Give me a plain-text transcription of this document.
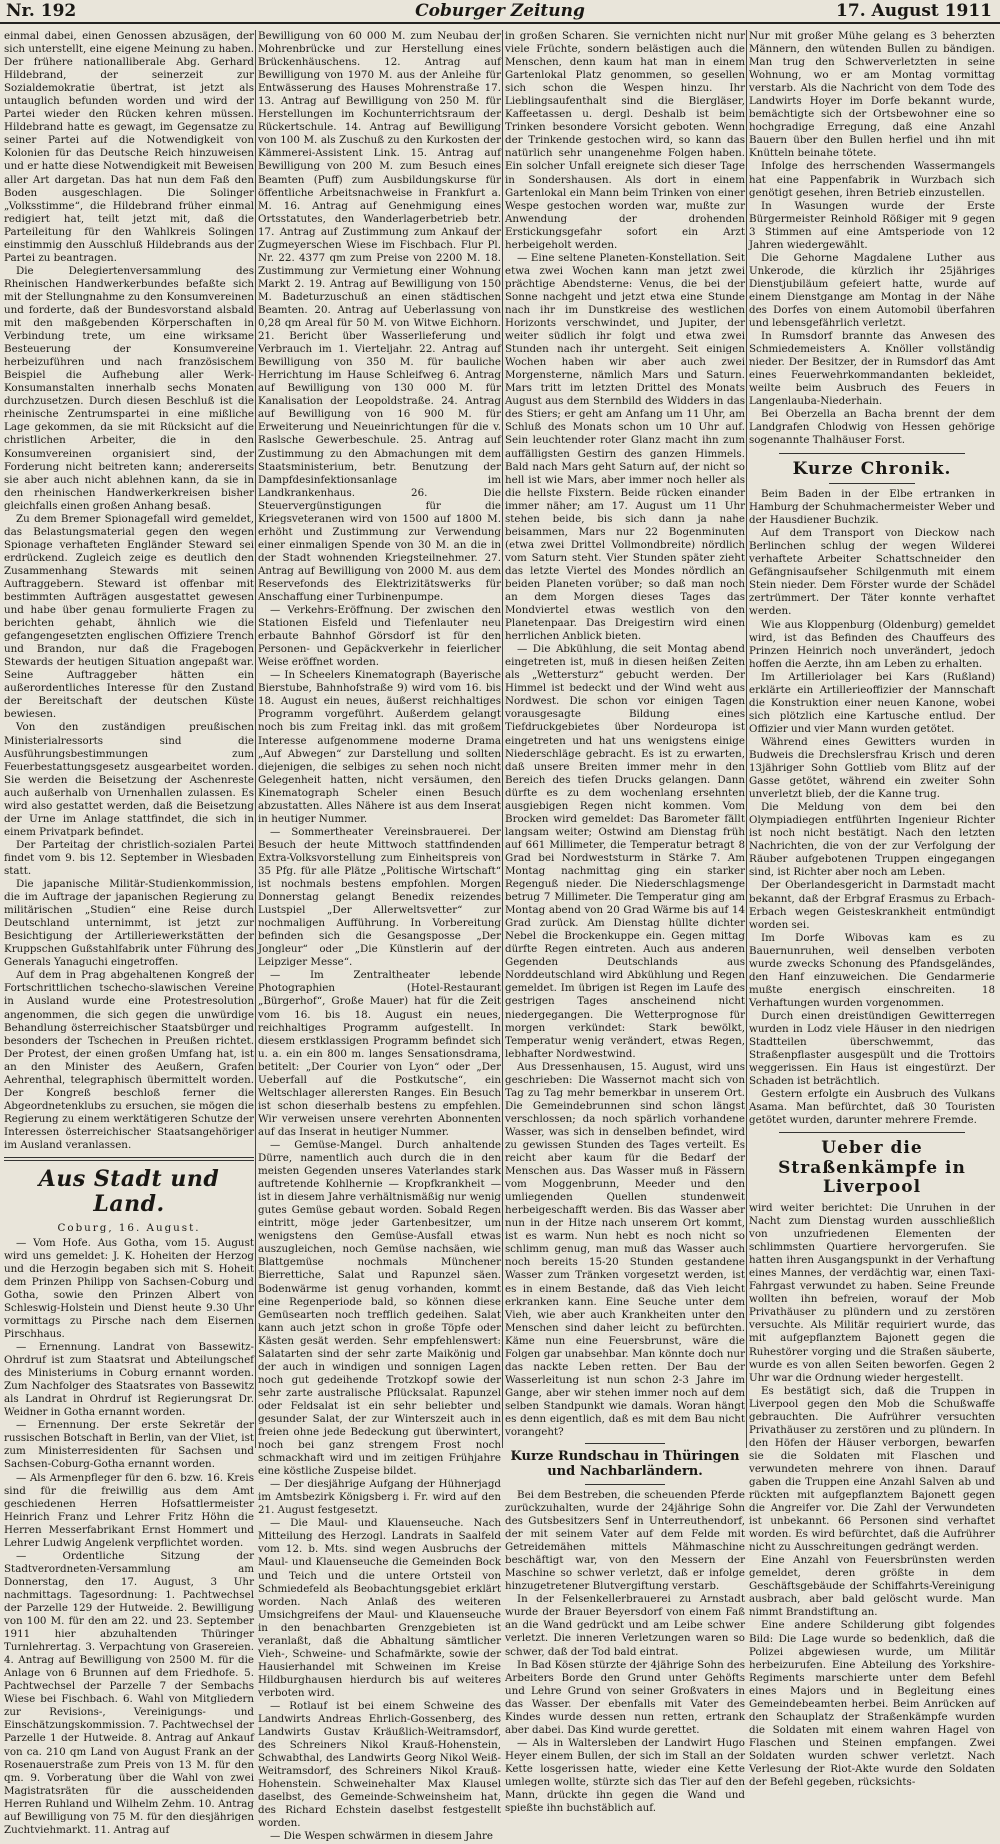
Nr. 192	Coburger Zeitung	17. August 1911

einmal dabei, einen Genossen abzusägen, der sich unterstellt, eine eigene Meinung zu haben. Der frühere nationalliberale Abg. Gerhard Hildebrand, der seinerzeit zur Sozialdemokratie übertrat, ist jetzt als untauglich befunden worden und wird der Partei wieder den Rücken kehren müssen. Hildebrand hatte es gewagt, im Gegensatze zu seiner Partei auf die Notwendigkeit von Kolonien für das Deutsche Reich hinzuweisen und er hatte diese Notwendigkeit mit Beweisen aller Art dargetan. Das hat nun dem Faß den Boden ausgeschlagen. Die Solinger „Volksstimme“, die Hildebrand früher einmal redigiert hat, teilt jetzt mit, daß die Parteileitung für den Wahlkreis Solingen einstimmig den Ausschluß Hildebrands aus der Partei zu beantragen.

Die Delegiertenversammlung des Rheinischen Handwerkerbundes befaßte sich mit der Stellungnahme zu den Konsumvereinen und forderte, daß der Bundesvorstand alsbald mit den maßgebenden Körperschaften in Verbindung trete, um eine wirksame Besteuerung der Konsumvereine herbeizuführen und nach französischem Beispiel die Aufhebung aller Werk-Konsumanstalten innerhalb sechs Monaten durchzusetzen. Durch diesen Beschluß ist die rheinische Zentrumspartei in eine mißliche Lage gekommen, da sie mit Rücksicht auf die christlichen Arbeiter, die in den Konsumvereinen organisiert sind, der Forderung nicht beitreten kann; andererseits sie aber auch nicht ablehnen kann, da sie in den rheinischen Handwerkerkreisen bisher gleichfalls einen großen Anhang besaß.

Zu dem Bremer Spionagefall wird gemeldet, das Belastungsmaterial gegen den wegen Spionage verhafteten Engländer Steward sei erdrückend. Zugleich zeige es deutlich den Zusammenhang Stewards mit seinen Auftraggebern. Steward ist offenbar mit bestimmten Aufträgen ausgestattet gewesen und habe über genau formulierte Fragen zu berichten gehabt, ähnlich wie die gefangengesetzten englischen Offiziere Trench und Brandon, nur daß die Fragebogen Stewards der heutigen Situation angepaßt war. Seine Auftraggeber hätten ein außerordentliches Interesse für den Zustand der Bereitschaft der deutschen Küste bewiesen.

Von den zuständigen preußischen Ministerialressorts sind die Ausführungsbestimmungen zum Feuerbestattungsgesetz ausgearbeitet worden. Sie werden die Beisetzung der Aschenreste auch außerhalb von Urnenhallen zulassen. Es wird also gestattet werden, daß die Beisetzung der Urne im Anlage stattfindet, die sich in einem Privatpark befindet.

Der Parteitag der christlich-sozialen Partei findet vom 9. bis 12. September in Wiesbaden statt.

Die japanische Militär-Studienkommission, die im Auftrage der japanischen Regierung zu militärischen „Studien“ eine Reise durch Deutschland unternimmt, ist jetzt zur Besichtigung der Artilleriewerkstätten der Kruppschen Gußstahlfabrik unter Führung des Generals Yanaguchi eingetroffen.

Auf dem in Prag abgehaltenen Kongreß der Fortschrittlichen tschecho-slawischen Vereine in Ausland wurde eine Protestresolution angenommen, die sich gegen die unwürdige Behandlung österreichischer Staatsbürger und besonders der Tschechen in Preußen richtet. Der Protest, der einen großen Umfang hat, ist an den Minister des Aeußern, Grafen Aehrenthal, telegraphisch übermittelt worden. Der Kongreß beschloß ferner die Abgeordnetenklubs zu ersuchen, sie mögen die Regierung zu einem werktätigeren Schutze der Interessen österreichischer Staatsangehöriger im Ausland veranlassen.

Aus Stadt und Land.
Coburg, 16. August.

— Vom Hofe. Aus Gotha, vom 15. August wird uns gemeldet: J. K. Hoheiten der Herzog und die Herzogin begaben sich mit S. Hoheit dem Prinzen Philipp von Sachsen-Coburg und Gotha, sowie den Prinzen Albert von Schleswig-Holstein und Dienst heute 9.30 Uhr vormittags zu Pirsche nach dem Eisernen Pirschhaus.

— Ernennung. Landrat von Bassewitz-Ohrdruf ist zum Staatsrat und Abteilungschef des Ministeriums in Coburg ernannt worden. Zum Nachfolger des Staatsrates von Bassewitz als Landrat in Ohrdruf ist Regierungsrat Dr. Weidner in Gotha ernannt worden.

— Ernennung. Der erste Sekretär der russischen Botschaft in Berlin, van der Vliet, ist zum Ministerresidenten für Sachsen und Sachsen-Coburg-Gotha ernannt worden.

— Als Armenpfleger für den 6. bzw. 16. Kreis sind für die freiwillig aus dem Amt geschiedenen Herren Hofsattlermeister Heinrich Franz und Lehrer Fritz Höhn die Herren Messerfabrikant Ernst Hommert und Lehrer Ludwig Angelenk verpflichtet worden.

— Ordentliche Sitzung der Stadtverordneten-Versammlung am Donnerstag, den 17. August, 3 Uhr nachmittags. Tagesordnung: 1. Pachtwechsel der Parzelle 129 der Hutweide. 2. Bewilligung von 100 M. für den am 22. und 23. September 1911 hier abzuhaltenden Thüringer Turnlehrertag. 3. Verpachtung von Grasereien. 4. Antrag auf Bewilligung von 2500 M. für die Anlage von 6 Brunnen auf dem Friedhofe. 5. Pachtwechsel der Parzelle 7 der Sembachs Wiese bei Fischbach. 6. Wahl von Mitgliedern zur Revisions-, Vereinigungs- und Einschätzungskommission. 7. Pachtwechsel der Parzelle 1 der Hutweide. 8. Antrag auf Ankauf von ca. 210 qm Land von August Frank an der Rosenauerstraße zum Preis von 13 M. für den qm. 9. Vorberatung über die Wahl von zwei Magistratsräten für die ausscheidenden Herren Ruhland und Wilhelm Zehm. 10. Antrag auf Bewilligung von 75 M. für den diesjährigen Zuchtviehmarkt. 11. Antrag auf

Bewilligung von 60 000 M. zum Neubau der Mohrenbrücke und zur Herstellung eines Brückenhäuschens. 12. Antrag auf Bewilligung von 1970 M. aus der Anleihe für Entwässerung des Hauses Mohrenstraße 17. 13. Antrag auf Bewilligung von 250 M. für Herstellungen im Kochunterrichtsraum der Rückertschule. 14. Antrag auf Bewilligung von 100 M. als Zuschuß zu den Kurkosten der Kämmerei-Assistent Link. 15. Antrag auf Bewilligung von 200 M. zum Besuch eines Beamten (Puff) zum Ausbildungskurse für öffentliche Arbeitsnachweise in Frankfurt a. M. 16. Antrag auf Genehmigung eines Ortsstatutes, den Wanderlagerbetrieb betr. 17. Antrag auf Zustimmung zum Ankauf der Zugmeyerschen Wiese im Fischbach. Flur Pl. Nr. 22. 4377 qm zum Preise von 2200 M. 18. Zustimmung zur Vermietung einer Wohnung Markt 2. 19. Antrag auf Bewilligung von 150 M. Badeturzuschuß an einen städtischen Beamten. 20. Antrag auf Ueberlassung von 0,28 qm Areal für 50 M. von Witwe Eichhorn. 21. Bericht über Wasserlieferung und Verbrauch im 1. Vierteljahr. 22. Antrag auf Bewilligung von 350 M. für bauliche Herrichtung im Hause Schleifweg 6. Antrag auf Bewilligung von 130 000 M. für Kanalisation der Leopoldstraße. 24. Antrag auf Bewilligung von 16 900 M. für Erweiterung und Neueinrichtungen für die v. Raslsche Gewerbeschule. 25. Antrag auf Zustimmung zu den Abmachungen mit dem Staatsministerium, betr. Benutzung der Dampfdesinfektionsanlage im Landkrankenhaus. 26. Die Steuervergünstigungen für die Kriegsveteranen wird von 1500 auf 1800 M. erhöht und Zustimmung zur Verwendung einer einmaligen Spende von 30 M. an die in der Stadt wohnenden Kriegsteilnehmer. 27. Antrag auf Bewilligung von 2000 M. aus dem Reservefonds des Elektrizitätswerks für Anschaffung einer Turbinenpumpe.

— Verkehrs-Eröffnung. Der zwischen den Stationen Eisfeld und Tiefenlauter neu erbaute Bahnhof Görsdorf ist für den Personen- und Gepäckverkehr in feierlicher Weise eröffnet worden.

— In Scheelers Kinematograph (Bayerische Bierstube, Bahnhofstraße 9) wird vom 16. bis 18. August ein neues, äußerst reichhaltiges Programm vorgeführt. Außerdem gelangt noch bis zum Freitag inkl. das mit großem Interesse aufgenommene moderne Drama „Auf Abwegen“ zur Darstellung und sollten diejenigen, die selbiges zu sehen noch nicht Gelegenheit hatten, nicht versäumen, den Kinematograph Scheler einen Besuch abzustatten. Alles Nähere ist aus dem Inserat in heutiger Nummer.

— Sommertheater Vereinsbrauerei. Der Besuch der heute Mittwoch stattfindenden Extra-Volksvorstellung zum Einheitspreis von 35 Pfg. für alle Plätze „Politische Wirtschaft“ ist nochmals bestens empfohlen. Morgen Donnerstag gelangt Benedix reizendes Lustspiel „Der Allerweltsvetter“ zur nochmaligen Aufführung. In Vorbereitung befinden sich die Gesangsposse „Der Jongleur“ oder „Die Künstlerin auf der Leipziger Messe“.

— Im Zentraltheater lebende Photographien (Hotel-Restaurant „Bürgerhof“, Große Mauer) hat für die Zeit vom 16. bis 18. August ein neues, reichhaltiges Programm aufgestellt. In diesem erstklassigen Programm befindet sich u. a. ein ein 800 m. langes Sensationsdrama, betitelt: „Der Courier von Lyon“ oder „Der Ueberfall auf die Postkutsche“, ein Weltschlager allerersten Ranges. Ein Besuch ist schon dieserhalb bestens zu empfehlen. Wir verweisen unsere verehrten Abonnenten auf das Inserat in heutiger Nummer.

— Gemüse-Mangel. Durch anhaltende Dürre, namentlich auch durch die in den meisten Gegenden unseres Vaterlandes stark auftretende Kohlhernie — Kropfkrankheit — ist in diesem Jahre verhältnismäßig nur wenig gutes Gemüse gebaut worden. Sobald Regen eintritt, möge jeder Gartenbesitzer, um wenigstens den Gemüse-Ausfall etwas auszugleichen, noch Gemüse nachsäen, wie Blattgemüse nochmals Münchener Bierrettiche, Salat und Rapunzel säen. Bodenwärme ist genug vorhanden, kommt eine Regenperiode bald, so können diese Gemüsearten noch trefflich gedeihen. Salat kann auch jetzt schon in große Töpfe oder Kästen gesät werden. Sehr empfehlenswert: Salatarten sind der sehr zarte Maikönig und der auch in windigen und sonnigen Lagen noch gut gedeihende Trotzkopf sowie der sehr zarte australische Pflücksalat. Rapunzel oder Feldsalat ist ein sehr beliebter und gesunder Salat, der zur Winterszeit auch in freien ohne jede Bedeckung gut überwintert, noch bei ganz strengem Frost noch schmackhaft wird und im zeitigen Frühjahre eine köstliche Zuspeise bildet.

— Der diesjährige Aufgang der Hühnerjagd im Amtsbezirk Königsberg i. Fr. wird auf den 21. August festgesetzt.

— Die Maul- und Klauenseuche. Nach Mitteilung des Herzogl. Landrats in Saalfeld vom 12. b. Mts. sind wegen Ausbruchs der Maul- und Klauenseuche die Gemeinden Bock und Teich und die untere Ortsteil von Schmiedefeld als Beobachtungsgebiet erklärt worden. Nach Anlaß des weiteren Umsichgreifens der Maul- und Klauenseuche in den benachbarten Grenzgebieten ist veranlaßt, daß die Abhaltung sämtlicher Vieh-, Schweine- und Schafmärkte, sowie der Hausierhandel mit Schweinen im Kreise Hildburghausen hierdurch bis auf weiteres verboten wird.

— Rotlauf ist bei einem Schweine des Landwirts Andreas Ehrlich-Gossenberg, des Landwirts Gustav Kräußlich-Weitramsdorf, des Schreiners Nikol Krauß-Hohenstein, Schwabthal, des Landwirts Georg Nikol Weiß-Weitramsdorf, des Schreiners Nikol Krauß-Hohenstein. Schweinehalter Max Klausel daselbst, des Gemeinde-Schweinsheim hat, des Richard Echstein daselbst festgestellt worden.

— Die Wespen schwärmen in diesem Jahre

in großen Scharen. Sie vernichten nicht nur viele Früchte, sondern belästigen auch die Menschen, denn kaum hat man in einem Gartenlokal Platz genommen, so gesellen sich schon die Wespen hinzu. Ihr Lieblingsaufenthalt sind die Biergläser, Kaffeetassen u. dergl. Deshalb ist beim Trinken besondere Vorsicht geboten. Wenn der Trinkende gestochen wird, so kann das natürlich sehr unangenehme Folgen haben. Ein solcher Unfall ereignete sich dieser Tage in Sondershausen. Als dort in einem Gartenlokal ein Mann beim Trinken von einer Wespe gestochen worden war, mußte zur Anwendung der drohenden Erstickungsgefahr sofort ein Arzt herbeigeholt werden.

— Eine seltene Planeten-Konstellation. Seit etwa zwei Wochen kann man jetzt zwei prächtige Abendsterne: Venus, die bei der Sonne nachgeht und jetzt etwa eine Stunde nach ihr im Dunstkreise des westlichen Horizonts verschwindet, und Jupiter, der weiter südlich ihr folgt und etwa zwei Stunden nach ihr untergeht. Seit einigen Wochen haben wir aber auch zwei Morgensterne, nämlich Mars und Saturn. Mars tritt im letzten Drittel des Monats August aus dem Sternbild des Widders in das des Stiers; er geht am Anfang um 11 Uhr, am Schluß des Monats schon um 10 Uhr auf. Sein leuchtender roter Glanz macht ihn zum auffälligsten Gestirn des ganzen Himmels. Bald nach Mars geht Saturn auf, der nicht so hell ist wie Mars, aber immer noch heller als die hellste Fixstern. Beide rücken einander immer näher; am 17. August um 11 Uhr stehen beide, bis sich dann ja nahe beisammen, Mars nur 22 Bogenminuten (etwa zwei Drittel Vollmondbreite) nördlich vom Saturn steht. Vier Stunden später zieht das letzte Viertel des Mondes nördlich an beiden Planeten vorüber; so daß man noch an dem Morgen dieses Tages das Mondviertel etwas westlich von den Planetenpaar. Das Dreigestirn wird einen herrlichen Anblick bieten.

— Die Abkühlung, die seit Montag abend eingetreten ist, muß in diesen heißen Zeiten als „Wettersturz“ gebucht werden. Der Himmel ist bedeckt und der Wind weht aus Nordwest. Die schon vor einigen Tagen vorausgesagte Bildung eines Tiefdruckgebietes über Nordeuropa ist eingetreten und hat uns wenigstens einige Niederschläge gebracht. Es ist zu erwarten, daß unsere Breiten immer mehr in den Bereich des tiefen Drucks gelangen. Dann dürfte es zu dem wochenlang ersehnten ausgiebigen Regen nicht kommen. Vom Brocken wird gemeldet: Das Barometer fällt langsam weiter; Ostwind am Dienstag früh auf 661 Millimeter, die Temperatur betragt 8 Grad bei Nordweststurm in Stärke 7. Am Montag nachmittag ging ein starker Regenguß nieder. Die Niederschlagsmenge betrug 7 Millimeter. Die Temperatur ging am Montag abend von 20 Grad Wärme bis auf 14 Grad zurück. Am Dienstag hüllte dichter Nebel die Brockenkuppe ein. Gegen mittag dürfte Regen eintreten. Auch aus anderen Gegenden Deutschlands aus Norddeutschland wird Abkühlung und Regen gemeldet. Im übrigen ist Regen im Laufe des gestrigen Tages anscheinend nicht niedergegangen. Die Wetterprognose für morgen verkündet: Stark bewölkt, Temperatur wenig verändert, etwas Regen, lebhafter Nordwestwind.

Aus Dressenhausen, 15. August, wird uns geschrieben: Die Wassernot macht sich von Tag zu Tag mehr bemerkbar in unserem Ort. Die Gemeindebrunnen sind schon längst verschlossen; da noch spärlich vorhandene Wasser, was sich in denselben befindet, wird zu gewissen Stunden des Tages verteilt. Es reicht aber kaum für die Bedarf der Menschen aus. Das Wasser muß in Fässern vom Moggenbrunn, Meeder und den umliegenden Quellen stundenweit herbeigeschafft werden. Bis das Wasser aber nun in der Hitze nach unserem Ort kommt, ist es warm. Nun hebt es noch nicht so schlimm genug, man muß das Wasser auch noch bereits 15-20 Stunden gestandene Wasser zum Tränken vorgesetzt werden, ist es in einem Bestande, daß das Vieh leicht erkranken kann. Eine Seuche unter dem Vieh, wie aber auch Krankheiten unter den Menschen sind daher leicht zu befürchten. Käme nun eine Feuersbrunst, wäre die Folgen gar unabsehbar. Man könnte doch nur das nackte Leben retten. Der Bau der Wasserleitung ist nun schon 2-3 Jahre im Gange, aber wir stehen immer noch auf dem selben Standpunkt wie damals. Woran hängt es denn eigentlich, daß es mit dem Bau nicht vorangeht?

Kurze Rundschau in Thüringen und Nachbarländern.

Bei dem Bestreben, die scheuenden Pferde zurückzuhalten, wurde der 24jährige Sohn des Gutsbesitzers Senf in Unterreuthendorf, der mit seinem Vater auf dem Felde mit Getreidemähen mittels Mähmaschine beschäftigt war, von den Messern der Maschine so schwer verletzt, daß er infolge hinzugetretener Blutvergiftung verstarb.

In der Felsenkellerbrauerei zu Arnstadt wurde der Brauer Beyersdorf von einem Faß an die Wand gedrückt und am Leibe schwer verletzt. Die inneren Verletzungen waren so schwer, daß der Tod bald eintrat.

In Bad Kösen stürzte der 4jährige Sohn des Arbeiters Borde den Grund unter Gehöfts und Lehre Grund von seiner Großvaters in das Wasser. Der ebenfalls mit Vater des Kindes wurde dessen nun retten, ertrank aber dabei. Das Kind wurde gerettet.

— Als in Waltersleben der Landwirt Hugo Heyer einem Bullen, der sich im Stall an der Kette losgerissen hatte, wieder eine Kette umlegen wollte, stürzte sich das Tier auf den Mann, drückte ihn gegen die Wand und spießte ihn buchstäblich auf.

Nur mit großer Mühe gelang es 3 beherzten Männern, den wütenden Bullen zu bändigen. Man trug den Schwerverletzten in seine Wohnung, wo er am Montag vormittag verstarb. Als die Nachricht von dem Tode des Landwirts Hoyer im Dorfe bekannt wurde, bemächtigte sich der Ortsbewohner eine so hochgradige Erregung, daß eine Anzahl Bauern über den Bullen herfiel und ihn mit Knütteln beinahe tötete.

Infolge des herrschenden Wassermangels hat eine Pappenfabrik in Wurzbach sich genötigt gesehen, ihren Betrieb einzustellen.

In Wasungen wurde der Erste Bürgermeister Reinhold Rößiger mit 9 gegen 3 Stimmen auf eine Amtsperiode von 12 Jahren wiedergewählt.

Die Gehorne Magdalene Luther aus Unkerode, die kürzlich ihr 25jähriges Dienstjubiläum gefeiert hatte, wurde auf einem Dienstgange am Montag in der Nähe des Dorfes von einem Automobil überfahren und lebensgefährlich verletzt.

In Rumsdorf brannte das Anwesen des Schmiedemeisters A. Knöller vollständig nieder. Der Besitzer, der in Rumsdorf das Amt eines Feuerwehrkommandanten bekleidet, weilte beim Ausbruch des Feuers in Langenlauba-Niederhain.

Bei Oberzella an Bacha brennt der dem Landgrafen Chlodwig von Hessen gehörige sogenannte Thalhäuser Forst.

Kurze Chronik.

Beim Baden in der Elbe ertranken in Hamburg der Schuhmachermeister Weber und der Hausdiener Buchzik.

Auf dem Transport von Dieckow nach Berlinchen schlug der wegen Wilderei verhaftete Arbeiter Schattschneider den Gefängnisaufseher Schilgenmuth mit einem Stein nieder. Dem Förster wurde der Schädel zertrümmert. Der Täter konnte verhaftet werden.

Wie aus Kloppenburg (Oldenburg) gemeldet wird, ist das Befinden des Chauffeurs des Prinzen Heinrich noch unverändert, jedoch hoffen die Aerzte, ihn am Leben zu erhalten.

Im Artilleriolager bei Kars (Rußland) erklärte ein Artillerieoffizier der Mannschaft die Konstruktion einer neuen Kanone, wobei sich plötzlich eine Kartusche entlud. Der Offizier und vier Mann wurden getötet.

Während eines Gewitters wurden in Budweis die Drechslersfrau Krisch und deren 13jähriger Sohn Gottlieb vom Blitz auf der Gasse getötet, während ein zweiter Sohn unverletzt blieb, der die Kanne trug.

Die Meldung von dem bei den Olympiadiegen entführten Ingenieur Richter ist noch nicht bestätigt. Nach den letzten Nachrichten, die von der zur Verfolgung der Räuber aufgebotenen Truppen eingegangen sind, ist Richter aber noch am Leben.

Der Oberlandesgericht in Darmstadt macht bekannt, daß der Erbgraf Erasmus zu Erbach-Erbach wegen Geisteskrankheit entmündigt worden sei.

Im Dorfe Wibovas kam es zu Bauernunruhen, weil denselben verboten wurde zwecks Schonung des Pfandsgeländes, den Hanf einzuweichen. Die Gendarmerie mußte energisch einschreiten. 18 Verhaftungen wurden vorgenommen.

Durch einen dreistündigen Gewitterregen wurden in Lodz viele Häuser in den niedrigen Stadtteilen überschwemmt, das Straßenpflaster ausgespült und die Trottoirs weggerissen. Ein Haus ist eingestürzt. Der Schaden ist beträchtlich.

Gestern erfolgte ein Ausbruch des Vulkans Asama. Man befürchtet, daß 30 Touristen getötet wurden, darunter mehrere Fremde.

Ueber die Straßenkämpfe in Liverpool

wird weiter berichtet: Die Unruhen in der Nacht zum Dienstag wurden ausschließlich von unzufriedenen Elementen der schlimmsten Quartiere hervorgerufen. Sie hatten ihren Ausgangspunkt in der Verhaftung eines Mannes, der verdächtig war, einen Taxi-Fahrgast verwundet zu haben. Seine Freunde wollten ihn befreien, worauf der Mob Privathäuser zu plündern und zu zerstören versuchte. Als Militär requiriert wurde, das mit aufgepflanztem Bajonett gegen die Ruhestörer vorging und die Straßen säuberte, wurde es von allen Seiten beworfen. Gegen 2 Uhr war die Ordnung wieder hergestellt.

Es bestätigt sich, daß die Truppen in Liverpool gegen den Mob die Schußwaffe gebrauchten. Die Aufrührer versuchten Privathäuser zu zerstören und zu plündern. In den Höfen der Häuser verborgen, bewarfen sie die Soldaten mit Flaschen und verwundeten mehrere von ihnen. Darauf gaben die Truppen eine Anzahl Salven ab und rückten mit aufgepflanztem Bajonett gegen die Angreifer vor. Die Zahl der Verwundeten ist unbekannt. 66 Personen sind verhaftet worden. Es wird befürchtet, daß die Aufrührer nicht zu Ausschreitungen gedrängt werden.

Eine Anzahl von Feuersbrünsten werden gemeldet, deren größte in dem Geschäftsgebäude der Schiffahrts-Vereinigung ausbrach, aber bald gelöscht wurde. Man nimmt Brandstiftung an.

Eine andere Schilderung gibt folgendes Bild: Die Lage wurde so bedenklich, daß die Polizei abgewiesen wurde, um Militär herbeizurufen. Eine Abteilung des Yorkshire-Regiments marschierte unter dem Befehl eines Majors und in Begleitung eines Gemeindebeamten herbei. Beim Anrücken auf den Schauplatz der Straßenkämpfe wurden die Soldaten mit einem wahren Hagel von Flaschen und Steinen empfangen. Zwei Soldaten wurden schwer verletzt. Nach Verlesung der Riot-Akte wurde den Soldaten der Befehl gegeben, rücksichts-
